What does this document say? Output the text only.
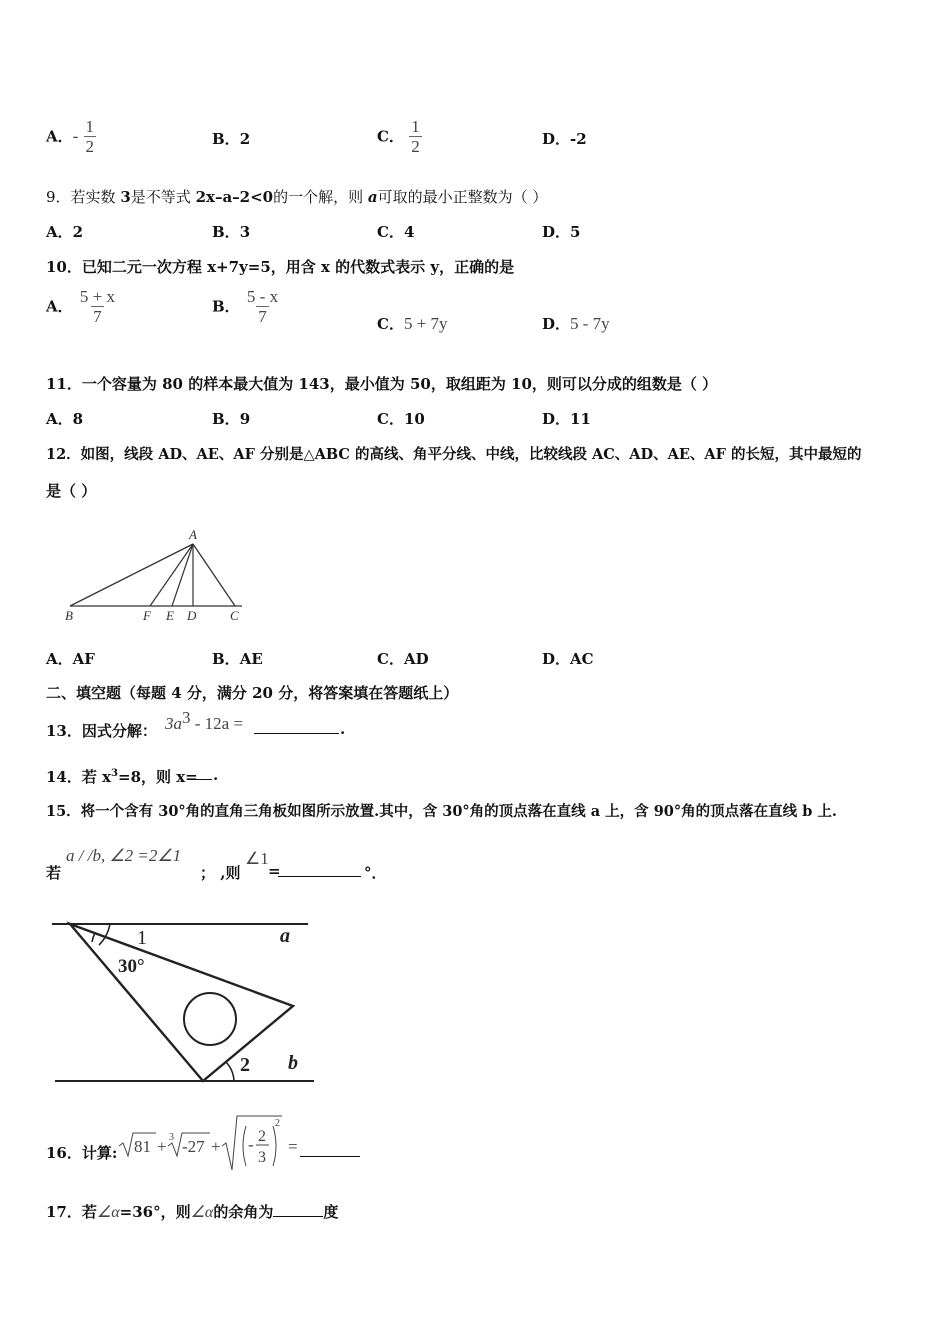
A．- $\frac{1}{2}$	B．2	C． $\frac{1}{2}$	D．-2
9．若实数 3是不等式 2x–a–2<0的一个解，则 a可取的最小正整数为（ ）
A．2	B．3	C．4	D．5
10．已知二元一次方程 x+7y=5，用含 x 的代数式表示 y，正确的是
A． $\frac{5 + x}{7}$	B． $\frac{5 - x}{7}$	C．5 + 7y	D．5 - 7y
11．一个容量为 80 的样本最大值为 143，最小值为 50，取组距为 10，则可以分成的组数是（ ）
A．8	B．9	C．10	D．11
12．如图，线段 AD、AE、AF 分别是△ABC 的高线、角平分线、中线，比较线段 AC、AD、AE、AF 的长短，其中最短的
是（ ）
A
B	F E D	C
A．AF	B．AE	C．AD	D．AC
二、填空题（每题 4 分，满分 20 分，将答案填在答题纸上）
13．因式分解： $3a^3 - 12a$ =	.
14．若 $x^3=8$，则 x= .
15．将一个含有 30°角的直角三角板如图所示放置.其中，含 30°角的顶点落在直线 a 上，含 90°角的顶点落在直线 b 上.
若
a / /b, ∠2 =2∠1
； ,则
∠1
=	°．
1
30°
2
a
b
16．计算: 81 + 3 -27 + - 2
3
2
=
17．若∠α=36°，则∠α的余角为	度
